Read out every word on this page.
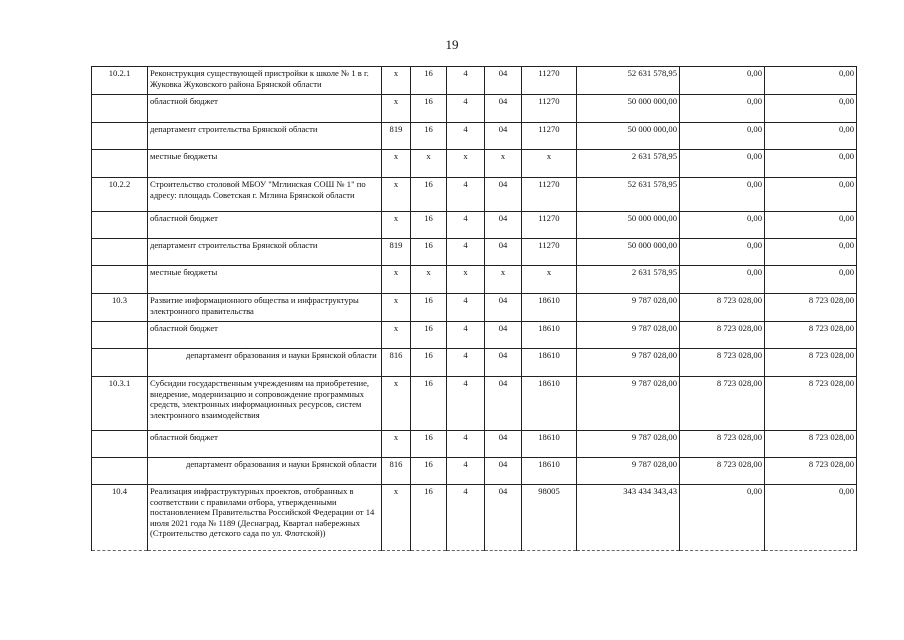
19
10.2.1	Реконструкция существующей пристройки к школе № 1 в г. Жуковка Жуковского района Брянской области	x	16	4	04	11270	52 631 578,95	0,00	0,00
	областной бюджет	x	16	4	04	11270	50 000 000,00	0,00	0,00
	департамент строительства Брянской области	819	16	4	04	11270	50 000 000,00	0,00	0,00
	местные бюджеты	x	x	x	x	x	2 631 578,95	0,00	0,00
10.2.2	Строительство столовой МБОУ "Мглинская СОШ № 1" по адресу: площадь Советская г. Мглина Брянской области	x	16	4	04	11270	52 631 578,95	0,00	0,00
	областной бюджет	x	16	4	04	11270	50 000 000,00	0,00	0,00
	департамент строительства Брянской области	819	16	4	04	11270	50 000 000,00	0,00	0,00
	местные бюджеты	x	x	x	x	x	2 631 578,95	0,00	0,00
10.3	Развитие информационного общества и инфраструктуры электронного правительства	x	16	4	04	18610	9 787 028,00	8 723 028,00	8 723 028,00
	областной бюджет	x	16	4	04	18610	9 787 028,00	8 723 028,00	8 723 028,00
	департамент образования и науки Брянской области	816	16	4	04	18610	9 787 028,00	8 723 028,00	8 723 028,00
10.3.1	Субсидии государственным учреждениям на приобретение, внедрение, модернизацию и сопровождение программных средств, электронных информационных ресурсов, систем электронного взаимодействия	x	16	4	04	18610	9 787 028,00	8 723 028,00	8 723 028,00
	областной бюджет	x	16	4	04	18610	9 787 028,00	8 723 028,00	8 723 028,00
	департамент образования и науки Брянской области	816	16	4	04	18610	9 787 028,00	8 723 028,00	8 723 028,00
10.4	Реализация инфраструктурных проектов, отобранных в соответствии с правилами отбора, утвержденными постановлением Правительства Российской Федерации от 14 июля 2021 года № 1189 (Деснаград, Квартал набережных (Строительство детского сада по ул. Флотской))	x	16	4	04	98005	343 434 343,43	0,00	0,00
